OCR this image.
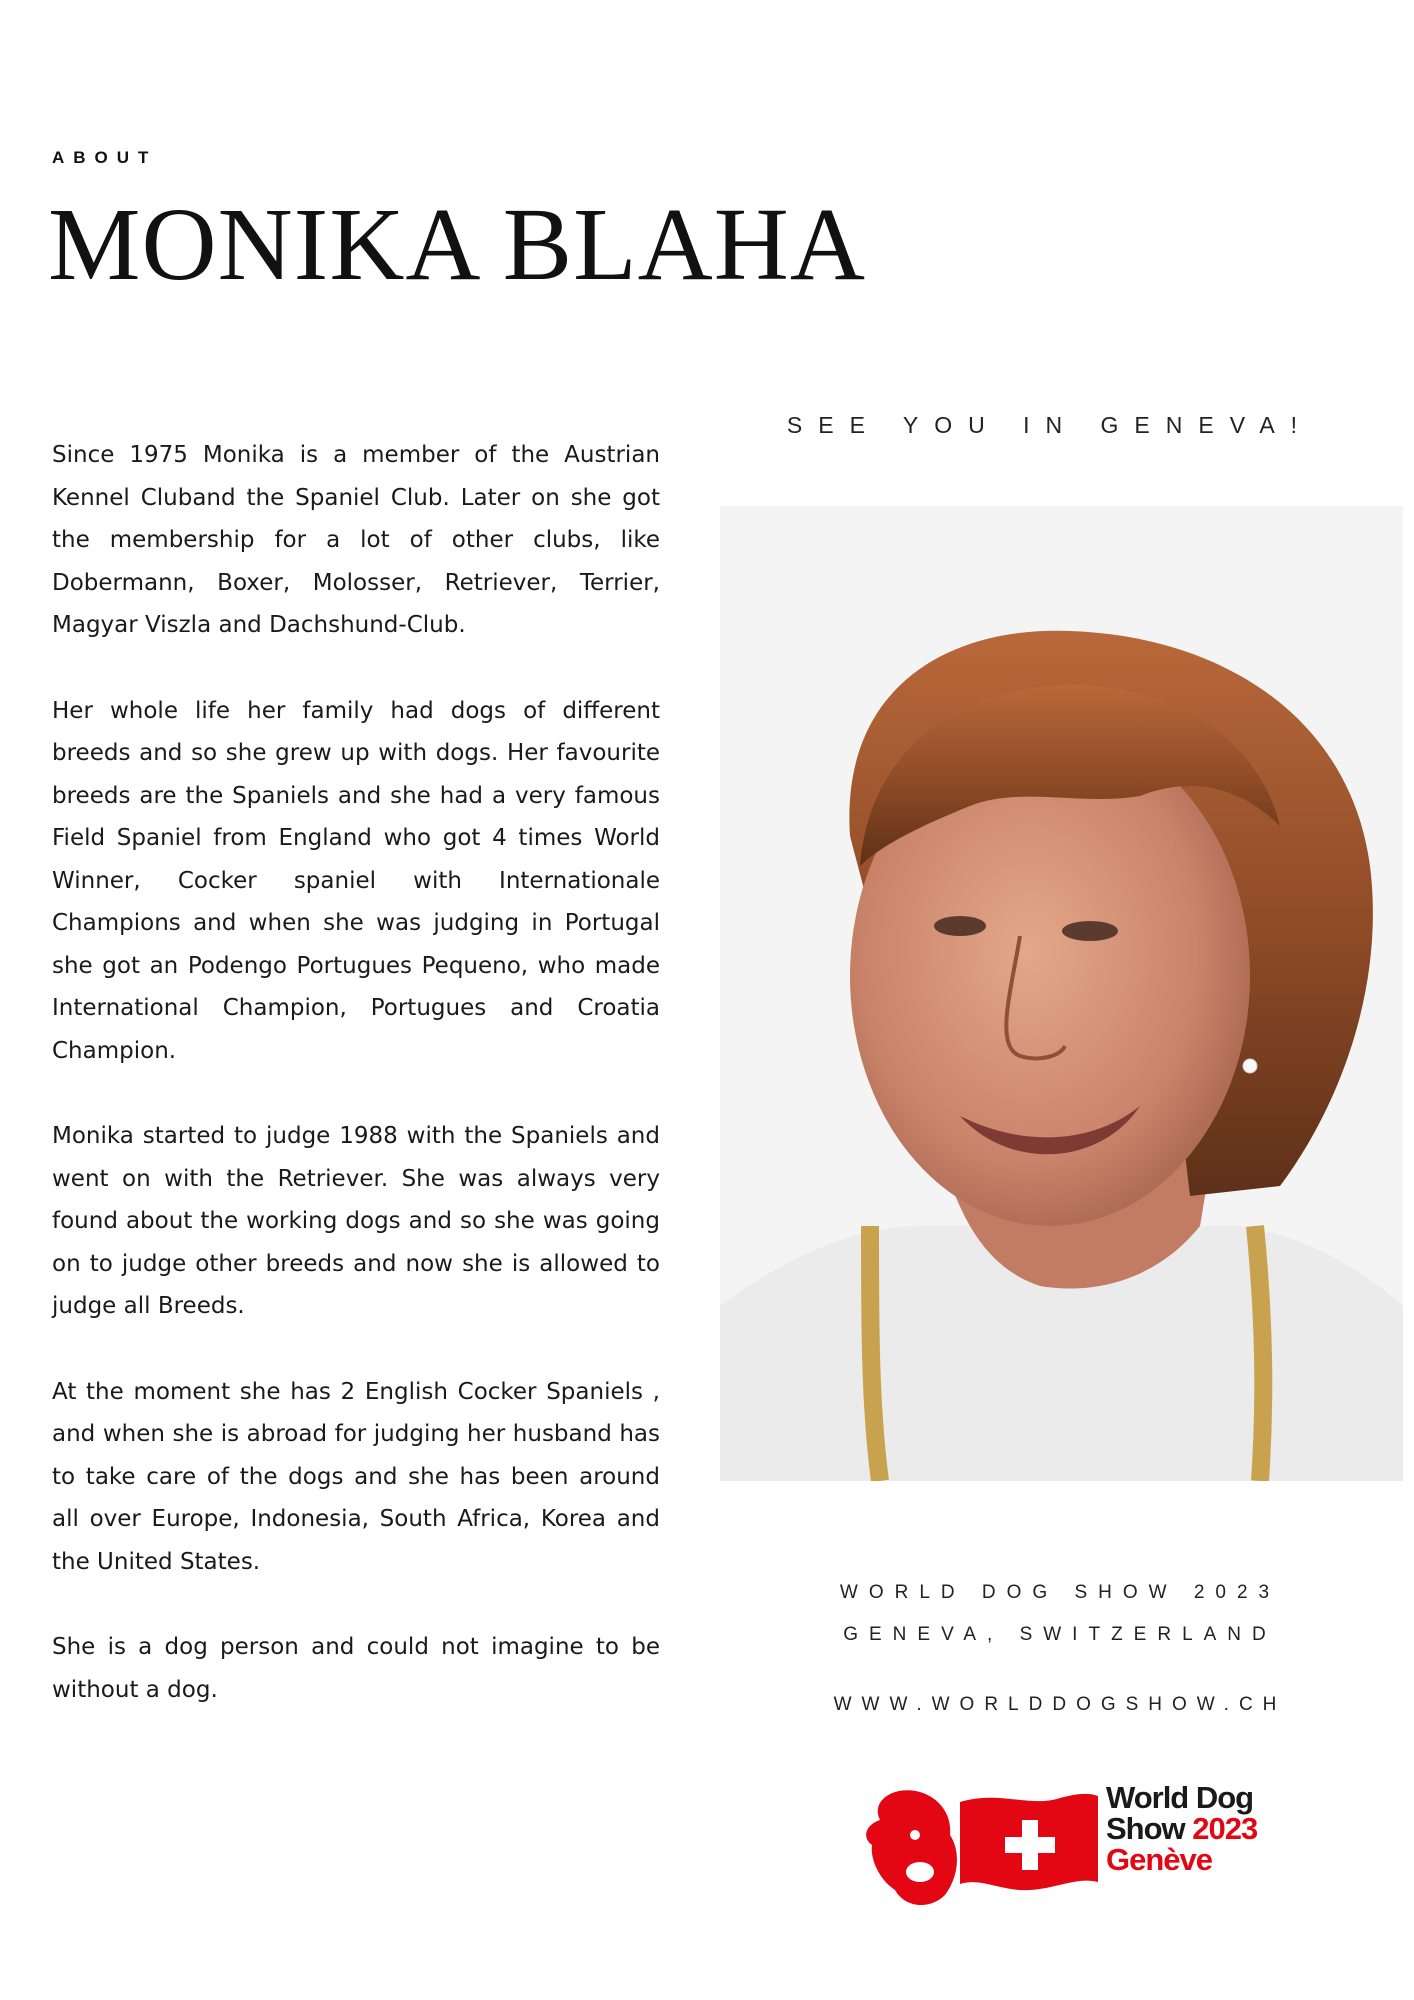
ABOUT
MONIKA BLAHA

Since 1975 Monika is a member of the Austrian Kennel Cluband the Spaniel Club. Later on she got the membership for a lot of other clubs, like Dobermann, Boxer, Molosser, Retriever, Terrier, Magyar Viszla and Dachshund-Club.

Her whole life her family had dogs of different breeds and so she grew up with dogs. Her favourite breeds are the Spaniels and she had a very famous Field Spaniel from England who got 4 times World Winner, Cocker spaniel with Internationale Champions and when she was judging in Portugal she got an Podengo Portugues Pequeno, who made International Champion, Portugues and Croatia Champion.

Monika started to judge 1988 with the Spaniels and went on with the Retriever. She was always very found about the working dogs and so she was going on to judge other breeds and now she is allowed to judge all Breeds.

At the moment she has 2 English Cocker Spaniels , and when she is abroad for judging her husband has to take care of the dogs and she has been around all over Europe, Indonesia, South Africa, Korea and the United States.

She is a dog person and could not imagine to be without a dog.

SEE YOU IN GENEVA!
WORLD DOG SHOW 2023
GENEVA, SWITZERLAND
WWW.WORLDDOGSHOW.CH
World Dog
Show 2023
Genève
